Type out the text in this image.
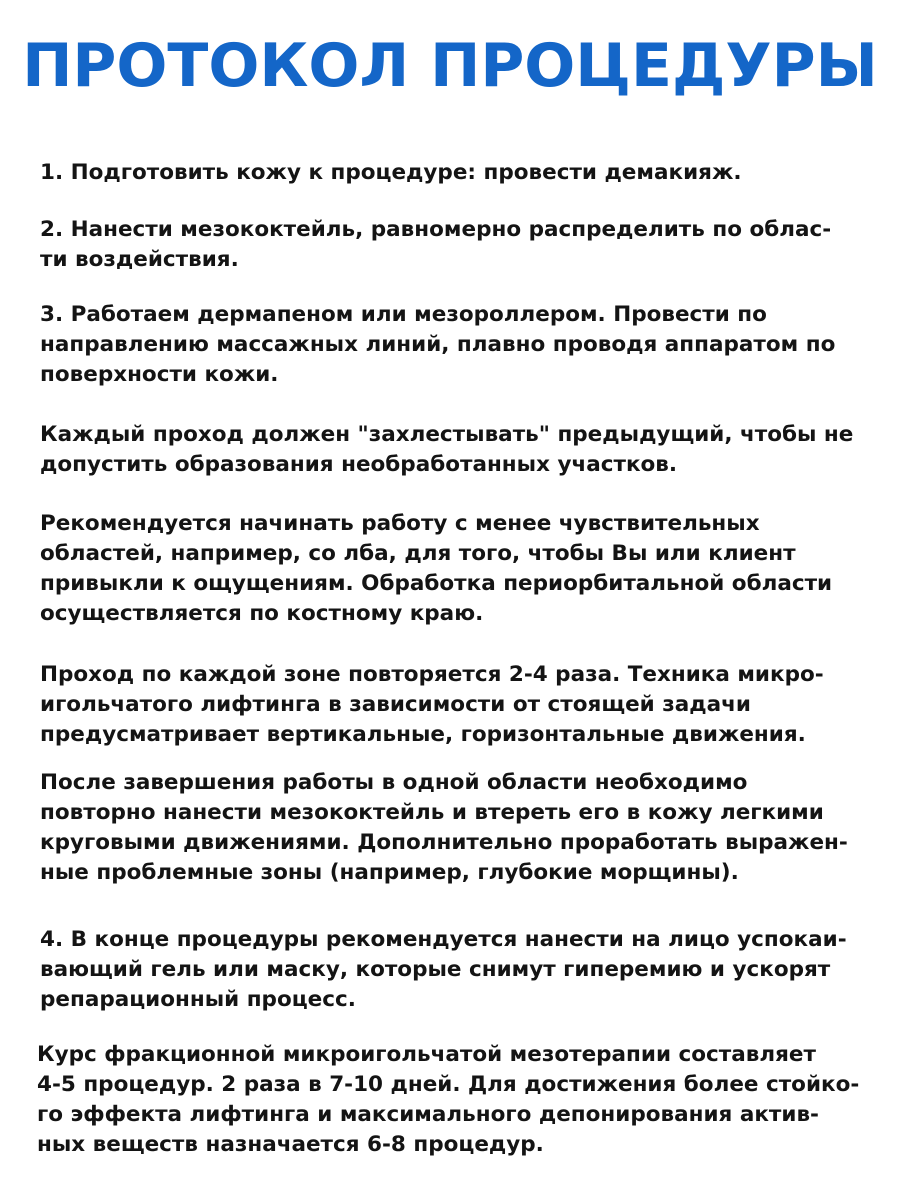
ПРОТОКОЛ ПРОЦЕДУРЫ

1. Подготовить кожу к процедуре: провести демакияж.

2. Нанести мезококтейль, равномерно распределить по облас-
ти воздействия.

3. Работаем дермапеном или мезороллером. Провести по
направлению массажных линий, плавно проводя аппаратом по
поверхности кожи.

Каждый проход должен "захлестывать" предыдущий, чтобы не
допустить образования необработанных участков.

Рекомендуется начинать работу с менее чувствительных
областей, например, со лба, для того, чтобы Вы или клиент
привыкли к ощущениям. Обработка периорбитальной области
осуществляется по костному краю.

Проход по каждой зоне повторяется 2-4 раза. Техника микро-
игольчатого лифтинга в зависимости от стоящей задачи
предусматривает вертикальные, горизонтальные движения.

После завершения работы в одной области необходимо
повторно нанести мезококтейль и втереть его в кожу легкими
круговыми движениями. Дополнительно проработать выражен-
ные проблемные зоны (например, глубокие морщины).

4. В конце процедуры рекомендуется нанести на лицо успокаи-
вающий гель или маску, которые снимут гиперемию и ускорят
репарационный процесс.

Курс фракционной микроигольчатой мезотерапии составляет
4-5 процедур. 2 раза в 7-10 дней. Для достижения более стойко-
го эффекта лифтинга и максимального депонирования актив-
ных веществ назначается 6-8 процедур.
